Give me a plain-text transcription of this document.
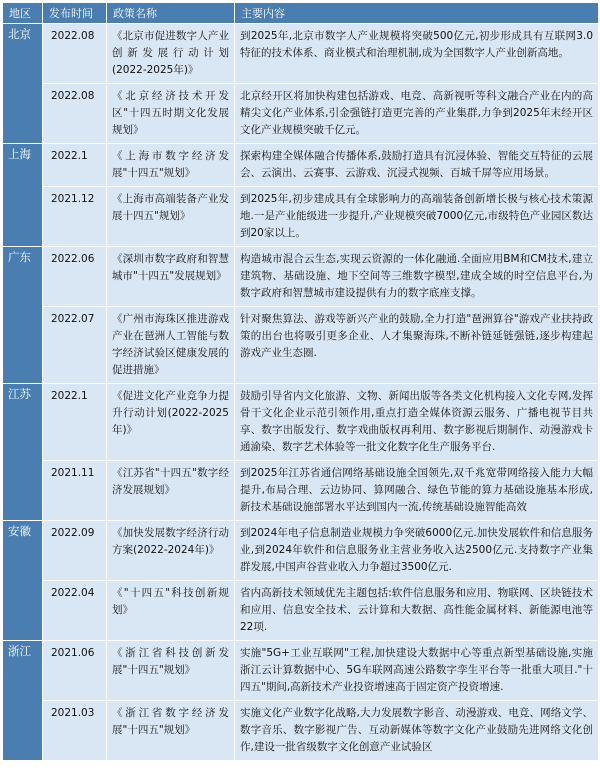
地区	发布时间	政策名称	主要内容
北京	2022.08	《北京市促进数字人产业创新发展行动计划(2022-2025年)》	到2025年,北京市数字人产业规模将突破500亿元,初步形成具有互联网3.0特征的技术体系、商业模式和治理机制,成为全国数字人产业创新高地。
	2022.08	《北京经济技术开发区"十四五时期文化发展规划》	北京经开区将加快构建包括游戏、电竞、高新视听等科文融合产业在内的高精尖文化产业体系,引金强链打造更完善的产业集群,力争到2025年末经开区文化产业规模突破千亿元。
上海	2022.1	《上海市数字经济发展"十四五"规划》	探索构建全媒体融合传播体系,鼓励打造具有沉浸体验、智能交互特征的云展会、云演出、云赛事、云游戏、沉浸式视频、百城千屏等应用场景。
	2021.12	《上海市高端装备产业发展十四五"规划》	到2025年,初步建成具有全球影响力的高端装备创新增长极与核心技术策源地.一是产业能级进一步提升,产业规模突破7000亿元,市级特色产业园区数达到20家以上。
广东	2022.06	《深圳市数字政府和智慧城市"十四五"发展规划》	构造城市混合云生态,实现云资源的一体化融通.全面应用BM和CM技术,建立建筑物、基础设施、地下空间等三维数字模型,建成全域的时空信息平台,为数字政府和智慧城市建设提供有力的数字底座支撑。
	2022.07	《广州市海珠区推进游戏产业在琶洲人工智能与数字经济试验区健康发展的促进措施》	针对聚焦算法、游戏等新兴产业的鼓励,全力打造"琶洲算谷"游戏产业扶持政策的出台也将吸引更多企业、人才集聚海珠,不断补链延链强链,逐步构建起游戏产业生态圈.
江苏	2022.1	《促进文化产业竞争力提升行动计划(2022-2025年)》	鼓励引导省内文化旅游、文物、新闻出版等各类文化机构接入文化专网,发挥骨干文化企业示范引领作用,重点打造全媒体资源云服务、广播电视节目共享、数字出版发行、数字戏曲版权再利用、数字影视后期制作、动漫游戏卡通渝染、数字艺术体验等一批文化数字化生产服务平台.
	2021.11	《江苏省"十四五"数字经济发展规划》	到2025年江苏省通信网络基础设施全国领先,双千兆宽带网络接入能力大幅提升,布局合理、云边协同、算网融合、绿色节能的算力基础设施基本形成,新技术基础设施部署水平达到国内一流,传统基础设施智能高效
安徽	2022.09	《加快发展数字经济行动方案(2022-2024年)》	到2024年电子信息制造业规模力争突破6000亿元.加快发展软件和信息服务业,到2024年软件和信息服务业主营业务收入达2500亿元.支持数字产业集群发展,中国声谷营业收入力争超过3500亿元.
	2022.04	《"十四五"科技创新规划》	省内高新技术领域优先主题包括:软件信息服务和应用、物联网、区块链技术和应用、信息安全技术、云计算和大数据、高性能金属材料、新能源电池等22项.
浙江	2021.06	《浙江省科技创新发展"十四五"规划》	实施"5G+工业互联网"工程,加快建设大数据中心等重点新型基础设施,实施浙江云计算数据中心、5G车联网高速公路数字孪生平台等一批重大项目."十四五"期间,高新技术产业投资增速高于固定资产投资增速.
	2021.03	《浙江省数字经济发展"十四五"规划》	实施文化产业数字化战略,大力发展数字影音、动漫游戏、电竞、网络文学、数字音乐、数字影视广告、互动新媒体等数字文化产业鼓励先进网络文化创作,建设一批省级数字文化创意产业试验区
